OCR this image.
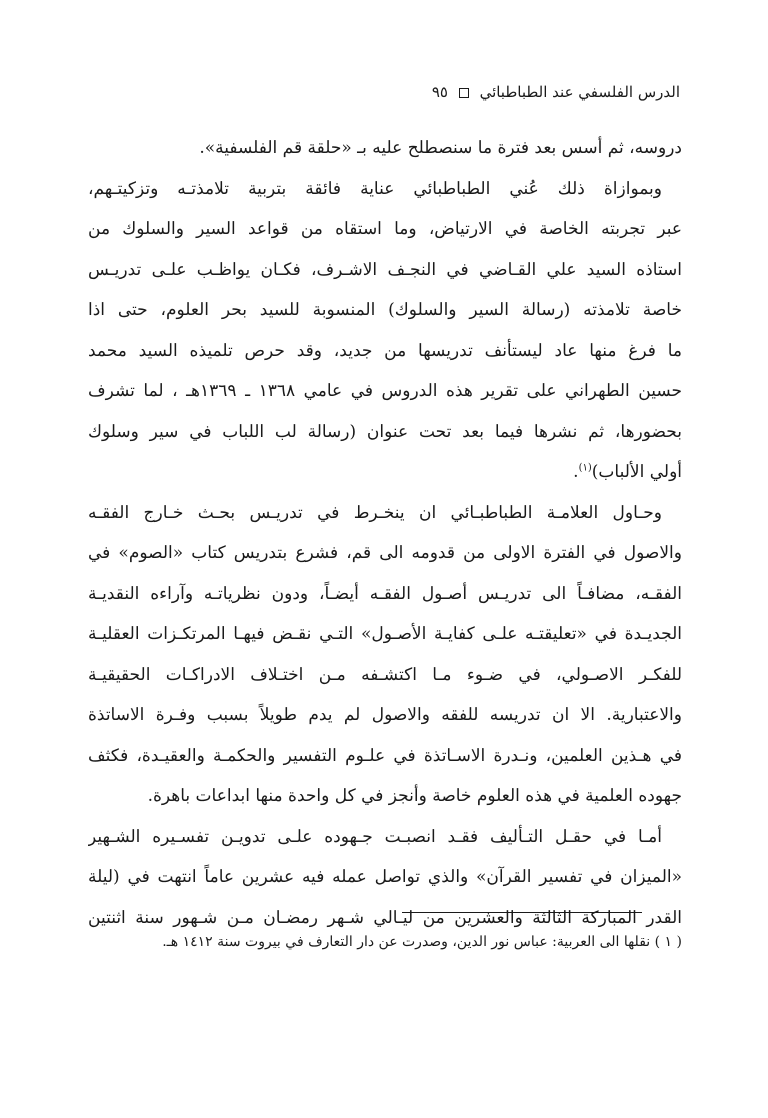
الدرس الفلسفي عند الطباطبائي  ٩٥
دروسه، ثم أسس بعد فترة ما سنصطلح عليه بـ «حلقة قم الفلسفية».
وبموازاة ذلك عُني الطباطبائي عناية فائقة بتربية تلامذتـه وتزكيتـهم،
عبر تجربته الخاصة في الارتياض، وما استقاه من قواعد السير والسلوك من
استاذه السيد علي القـاضي في النجـف الاشـرف، فكـان يواظـب علـى تدريـس
خاصة تلامذته (رسالة السير والسلوك) المنسوبة للسيد بحر العلوم، حتى اذا
ما فرغ منها عاد ليستأنف تدريسها من جديد، وقد حرص تلميذه السيد محمد
حسين الطهراني على تقرير هذه الدروس في عامي ١٣٦٨ ـ ١٣٦٩هـ ، لما تشرف
بحضورها، ثم نشرها فيما بعد تحت عنوان (رسالة لب اللباب في سير وسلوك
أولي الألباب)$^{(١)}$.
وحـاول العلامـة الطباطبـائي ان ينخـرط في تدريـس بحـث خـارج الفقـه
والاصول في الفترة الاولى من قدومه الى قم، فشرع بتدريس كتاب «الصوم» في
الفقـه، مضافـاً الى تدريـس أصـول الفقـه أيضـاً، ودون نظرياتـه وآراءه النقديـة
الجديـدة في «تعليقتـه علـى كفايـة الأصـول» التـي نقـض فيهـا المرتكـزات العقليـة
للفكـر الاصـولي، في ضـوء مـا اكتشـفه مـن اختـلاف الادراكـات الحقيقيـة
والاعتبارية. الا ان تدريسه للفقه والاصول لم يدم طويلاً بسبب وفـرة الاساتذة
في هـذين العلمين، ونـدرة الاسـاتذة في علـوم التفسير والحكمـة والعقيـدة، فكثف
جهوده العلمية في هذه العلوم خاصة وأنجز في كل واحدة منها ابداعات باهرة.
أمـا في حقـل التـأليف فقـد انصبـت جـهوده علـى تدويـن تفسـيره الشـهير
«الميزان في تفسير القرآن» والذي تواصل عمله فيه عشرين عاماً انتهت في (ليلة
القدر المباركة الثالثة والعشرين من ليـالي شـهر رمضـان مـن شـهور سنة اثنتين
( ١ ) نقلها الى العربية: عباس نور الدين، وصدرت عن دار التعارف في بيروت سنة ١٤١٢ هـ.
